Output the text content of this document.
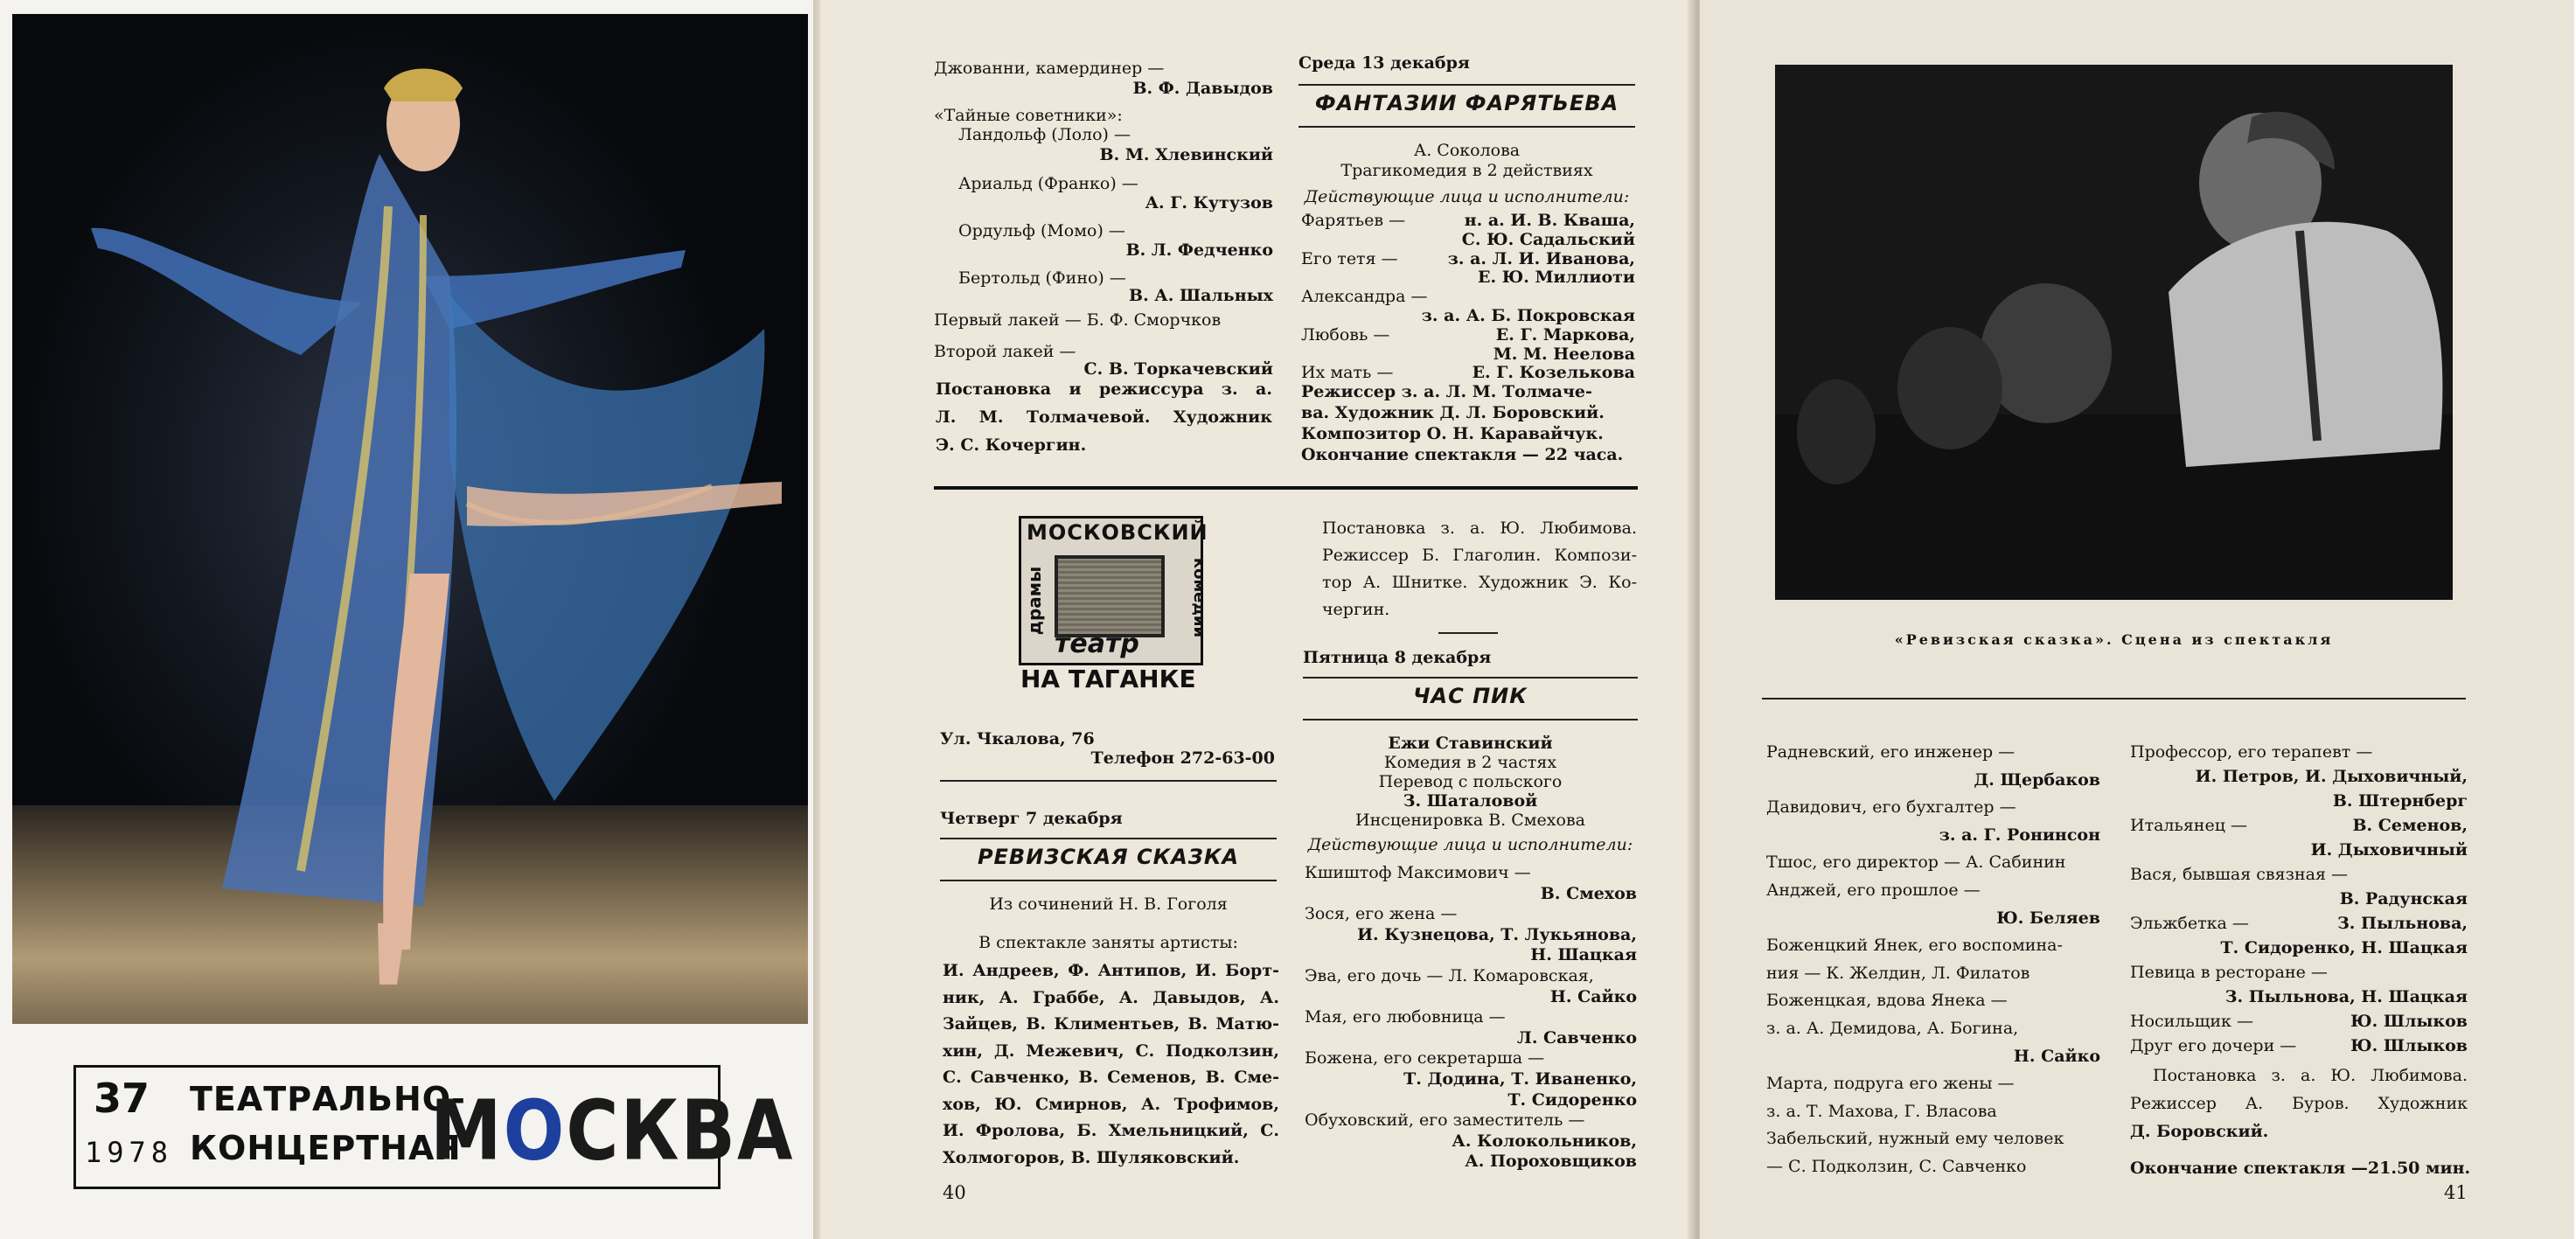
37
1978
ТЕАТРАЛЬНО-
КОНЦЕРТНАЯ
МОСКВА
Постановка и режиссура з. а.
Л. М. Толмачевой. Художник
Э. С. Кочергин.
Среда 13 декабря
ФАНТАЗИИ ФАРЯТЬЕВА
А. Соколова
Трагикомедия в 2 действиях
Действующие лица и исполнители:
Режиссер з. а. Л. М. Толмаче-
ва. Художник Д. Л. Боровский.
Композитор О. Н. Каравайчук.
Окончание спектакля — 22 часа.
МОСКОВСКИЙ
драмы	комедии
театр
НА ТАГАНКЕ
Ул. Чкалова, 76
Телефон 272-63-00
Четверг 7 декабря
РЕВИЗСКАЯ СКАЗКА
Из сочинений Н. В. Гоголя
В спектакле заняты артисты:
Пятница 8 декабря
ЧАС ПИК
Ежи Ставинский
Комедия в 2 частях
Перевод с польского
З. Шаталовой
Инсценировка В. Смехова
Действующие лица и исполнители:
40
«Ревизская сказка». Сцена из спектакля
Постановка з. а. Ю. Любимова.
Режиссер А. Буров. Художник
Д. Боровский.
Окончание спектакля —21.50 мин.
41
Джованни, камердинер —
В. Ф. Давыдов
«Тайные советники»:
Ландольф (Лоло) —
В. М. Хлевинский
Ариальд (Франко) —
А. Г. Кутузов
Ордульф (Момо) —
В. Л. Федченко
Бертольд (Фино) —
В. А. Шальных
Первый лакей — Б. Ф. Сморчков
Второй лакей —
С. В. Торкачевский
Фарятьев —	н. а. И. В. Кваша,
С. Ю. Садальский
Его тетя —	з. а. Л. И. Иванова,
Е. Ю. Миллиоти
Александра —
з. а. А. Б. Покровская
Любовь —	Е. Г. Маркова,
М. М. Неелова
Их мать —	Е. Г. Козелькова
И. Андреев, Ф. Антипов, И. Борт-
ник, А. Граббе, А. Давыдов, А.
Зайцев, В. Климентьев, В. Матю-
хин, Д. Межевич, С. Подколзин,
С. Савченко, В. Семенов, В. Сме-
хов, Ю. Смирнов, А. Трофимов,
И. Фролова, Б. Хмельницкий, С.
Холмогоров, В. Шуляковский.
Постановка з. а. Ю. Любимова.
Режиссер Б. Глаголин. Компози-
тор А. Шнитке. Художник Э. Ко-
чергин.
Кшиштоф Максимович —
В. Смехов
Зося, его жена —
И. Кузнецова, Т. Лукьянова,
Н. Шацкая
Эва, его дочь — Л. Комаровская,
Н. Сайко
Мая, его любовница —
Л. Савченко
Божена, его секретарша —
Т. Додина, Т. Иваненко,
Т. Сидоренко
Обуховский, его заместитель —
А. Колокольников,
А. Пороховщиков
Радневский, его инженер —
Д. Щербаков
Давидович, его бухгалтер —
з. а. Г. Ронинсон
Тшос, его директор — А. Сабинин
Анджей, его прошлое —
Ю. Беляев
Боженцкий Янек, его воспомина-
ния — К. Желдин, Л. Филатов
Боженцкая, вдова Янека —
з. а. А. Демидова, А. Богина,
Н. Сайко
Марта, подруга его жены —
з. а. Т. Махова, Г. Власова
Забельский, нужный ему человек
— С. Подколзин, С. Савченко
Профессор, его терапевт —
И. Петров, И. Дыховичный,
В. Штернберг
Итальянец —	В. Семенов,
И. Дыховичный
Вася, бывшая связная —
В. Радунская
Эльжбетка —	З. Пыльнова,
Т. Сидоренко, Н. Шацкая
Певица в ресторане —
З. Пыльнова, Н. Шацкая
Носильщик —	Ю. Шлыков
Друг его дочери —	Ю. Шлыков
